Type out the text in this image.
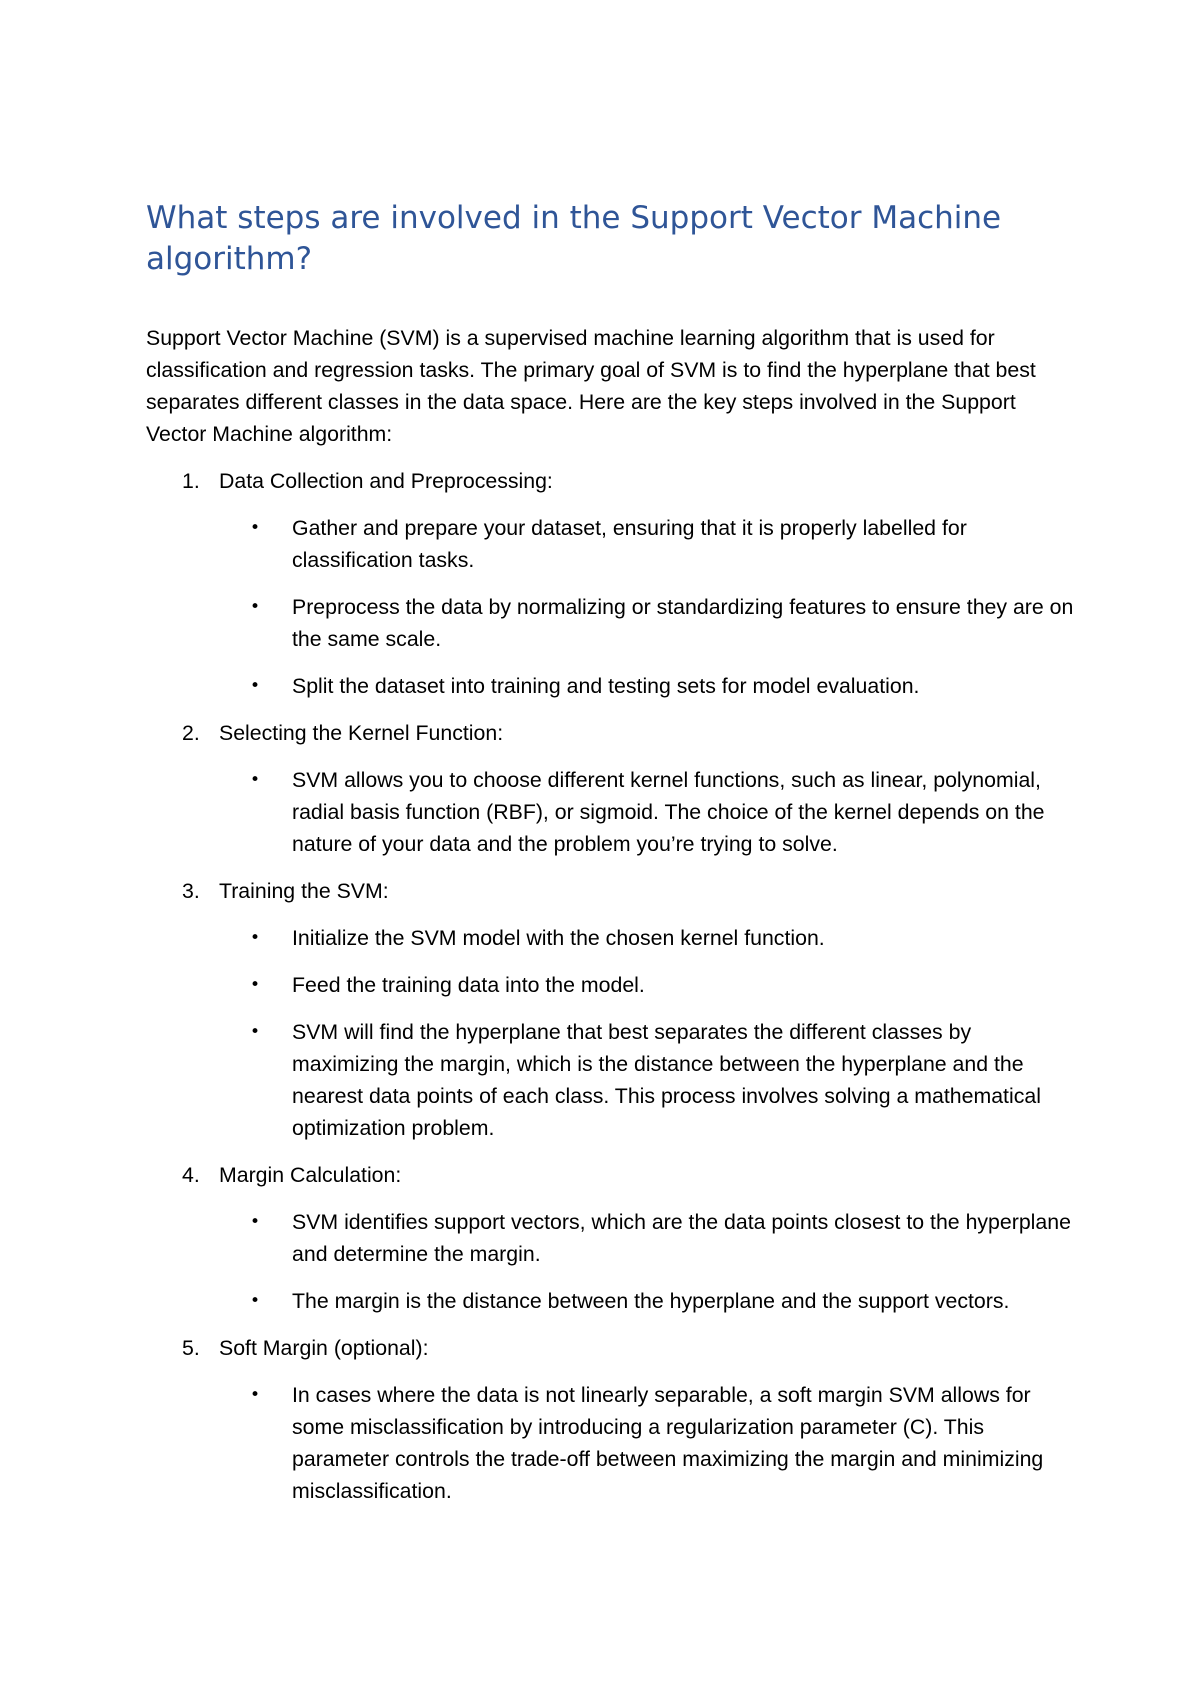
What steps are involved in the Support Vector Machine algorithm?

Support Vector Machine (SVM) is a supervised machine learning algorithm that is used for classification and regression tasks. The primary goal of SVM is to find the hyperplane that best separates different classes in the data space. Here are the key steps involved in the Support Vector Machine algorithm:

1. Data Collection and Preprocessing:
•	Gather and prepare your dataset, ensuring that it is properly labelled for classification tasks.
•	Preprocess the data by normalizing or standardizing features to ensure they are on the same scale.
•	Split the dataset into training and testing sets for model evaluation.
2. Selecting the Kernel Function:
•	SVM allows you to choose different kernel functions, such as linear, polynomial, radial basis function (RBF), or sigmoid. The choice of the kernel depends on the nature of your data and the problem you’re trying to solve.
3. Training the SVM:
•	Initialize the SVM model with the chosen kernel function.
•	Feed the training data into the model.
•	SVM will find the hyperplane that best separates the different classes by maximizing the margin, which is the distance between the hyperplane and the nearest data points of each class. This process involves solving a mathematical optimization problem.
4. Margin Calculation:
•	SVM identifies support vectors, which are the data points closest to the hyperplane and determine the margin.
•	The margin is the distance between the hyperplane and the support vectors.
5. Soft Margin (optional):
•	In cases where the data is not linearly separable, a soft margin SVM allows for some misclassification by introducing a regularization parameter (C). This parameter controls the trade-off between maximizing the margin and minimizing misclassification.
